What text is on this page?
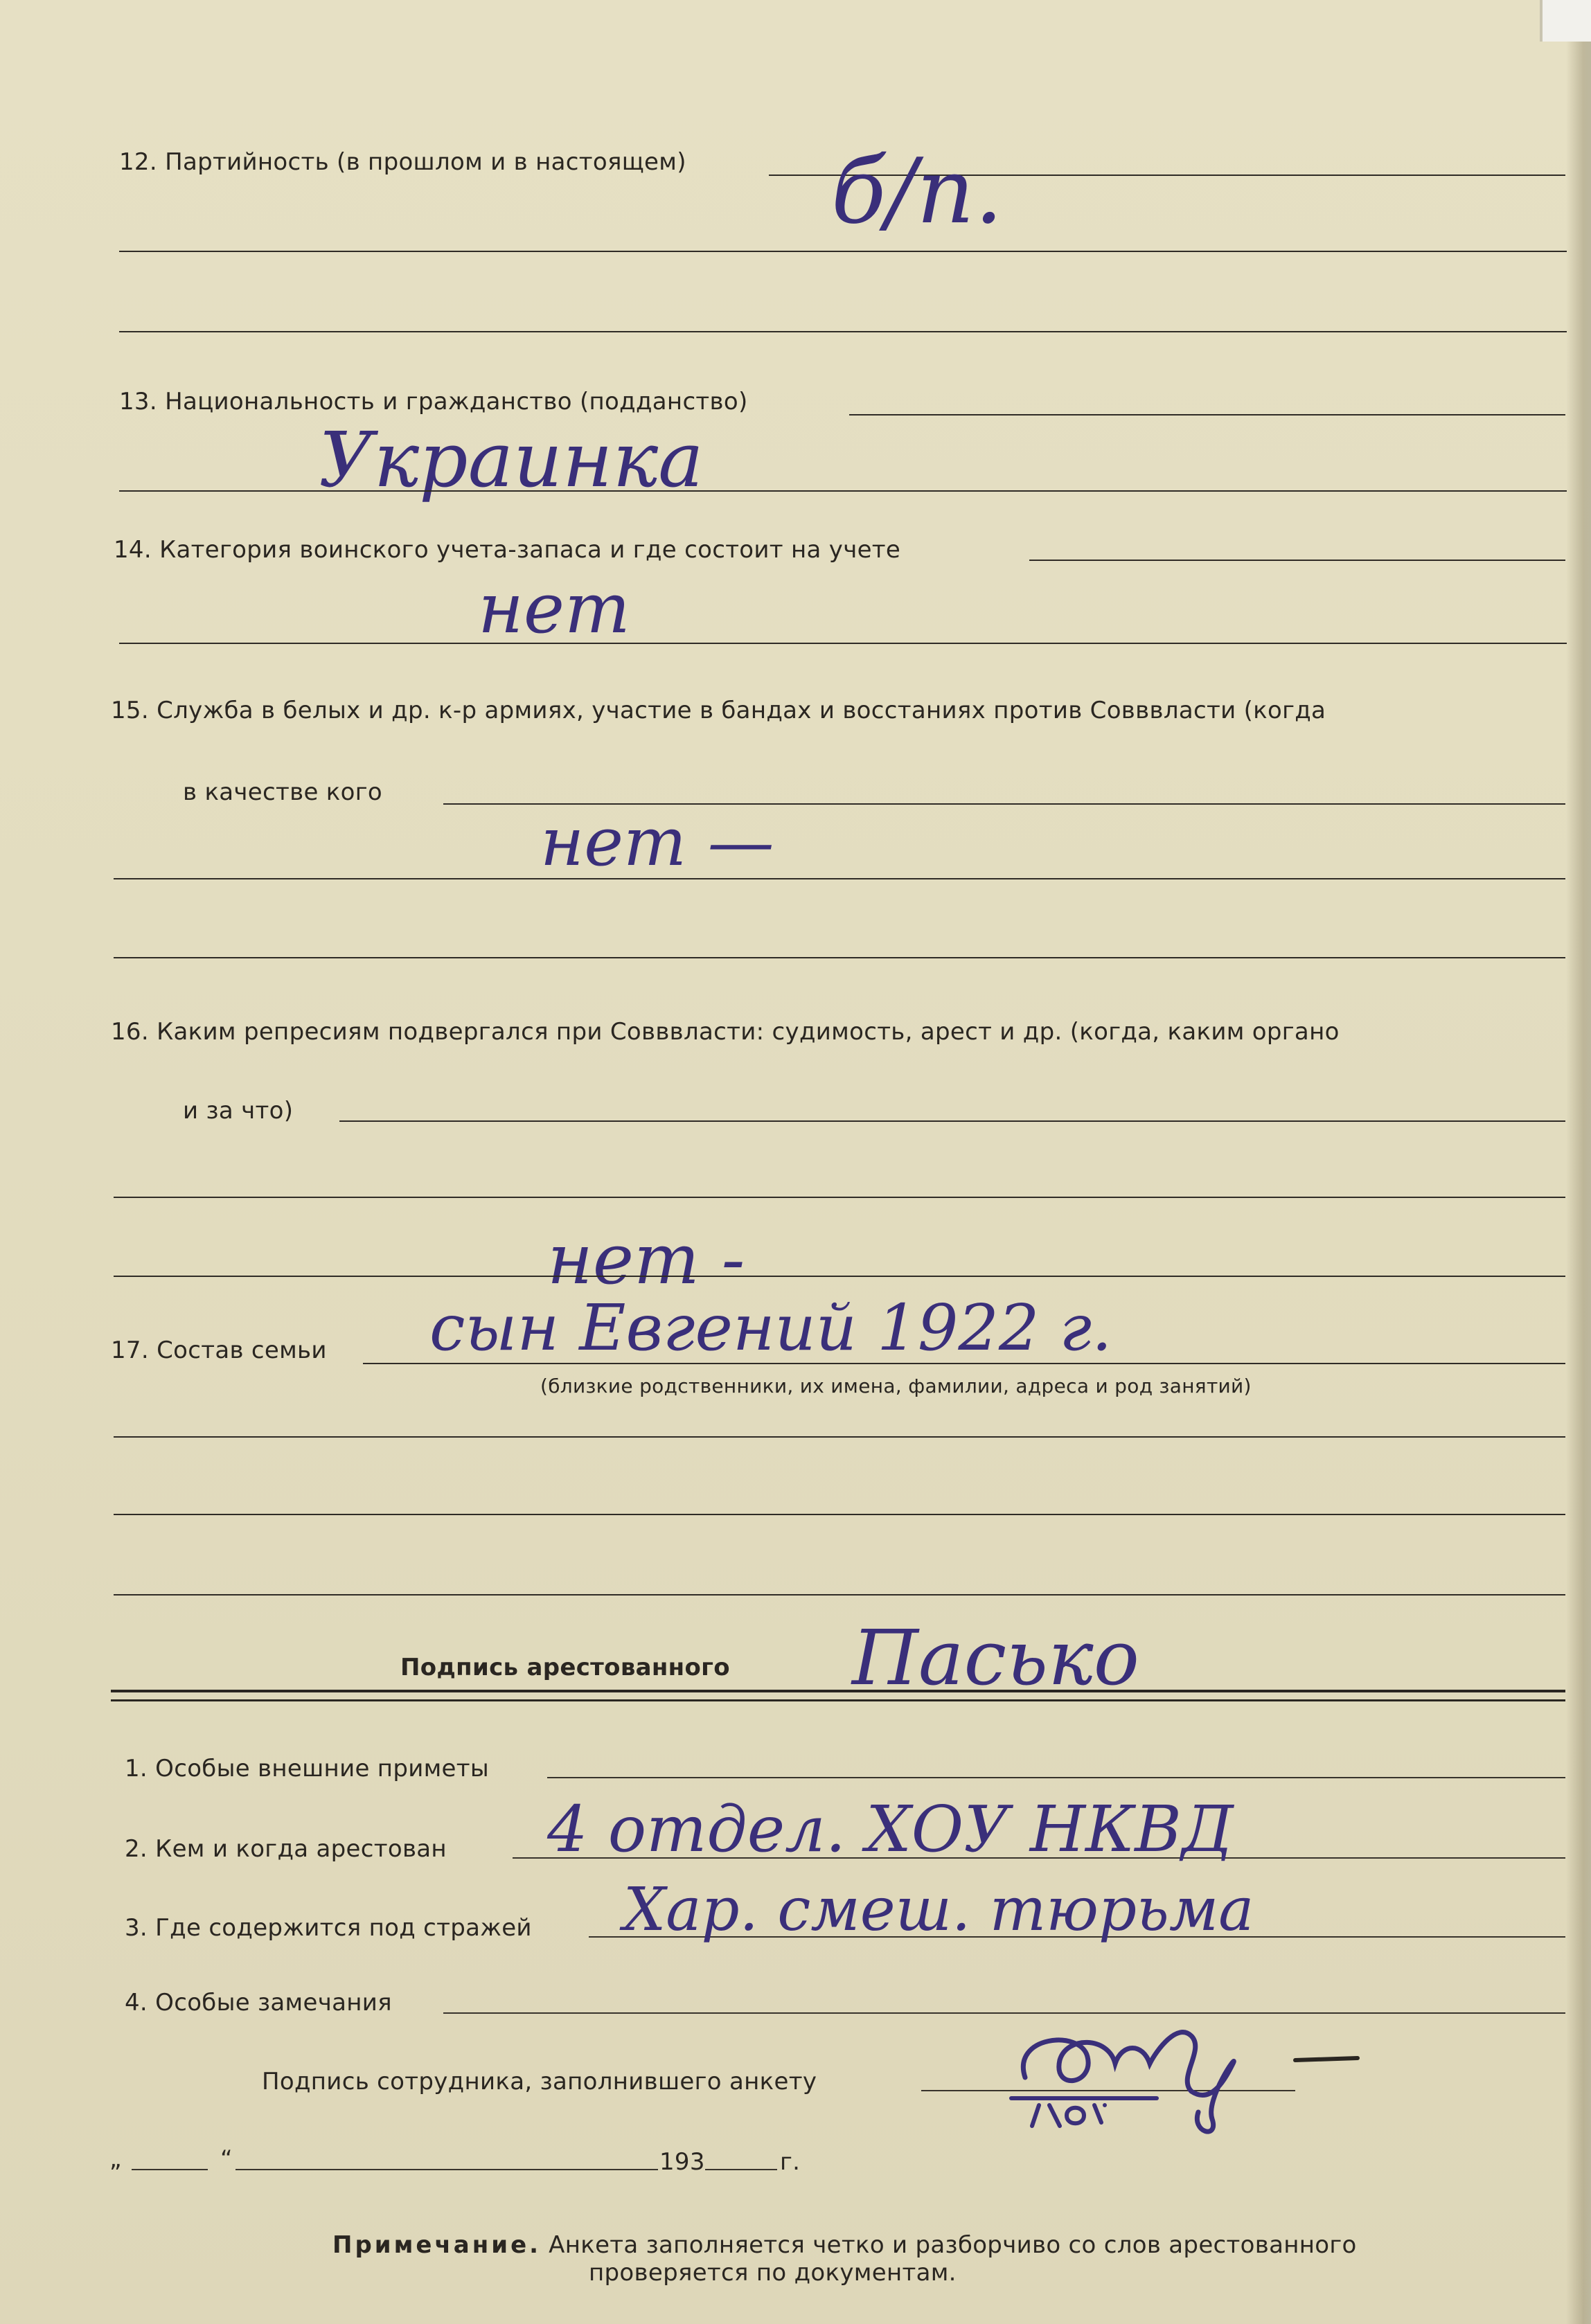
12. Партийность (в прошлом и в настоящем) б/п.
13. Национальность и гражданство (подданство)
Украинка
14. Категория воинского учета-запаса и где состоит на учете
нет
15. Служба в белых и др. к-р армиях, участие в бандах и восстаниях против Совввласти (когда
в качестве кого
нет —
16. Каким репресиям подвергался при Совввласти: судимость, арест и др. (когда, каким органо
и за что)
нет -
17. Состав семьи сын Евгений 1922 г.
(близкие родственники, их имена, фамилии, адреса и род занятий)
Подпись арестованного Пасько
1. Особые внешние приметы
2. Кем и когда арестован 4 отдел. ХОУ НКВД
3. Где содержится под стражей Хар. смеш. тюрьма
4. Особые замечания
Подпись сотрудника, заполнившего анкету
„	“	193	г.
Примечание. Анкета заполняется четко и разборчиво со слов арестованного
проверяется по документам.
